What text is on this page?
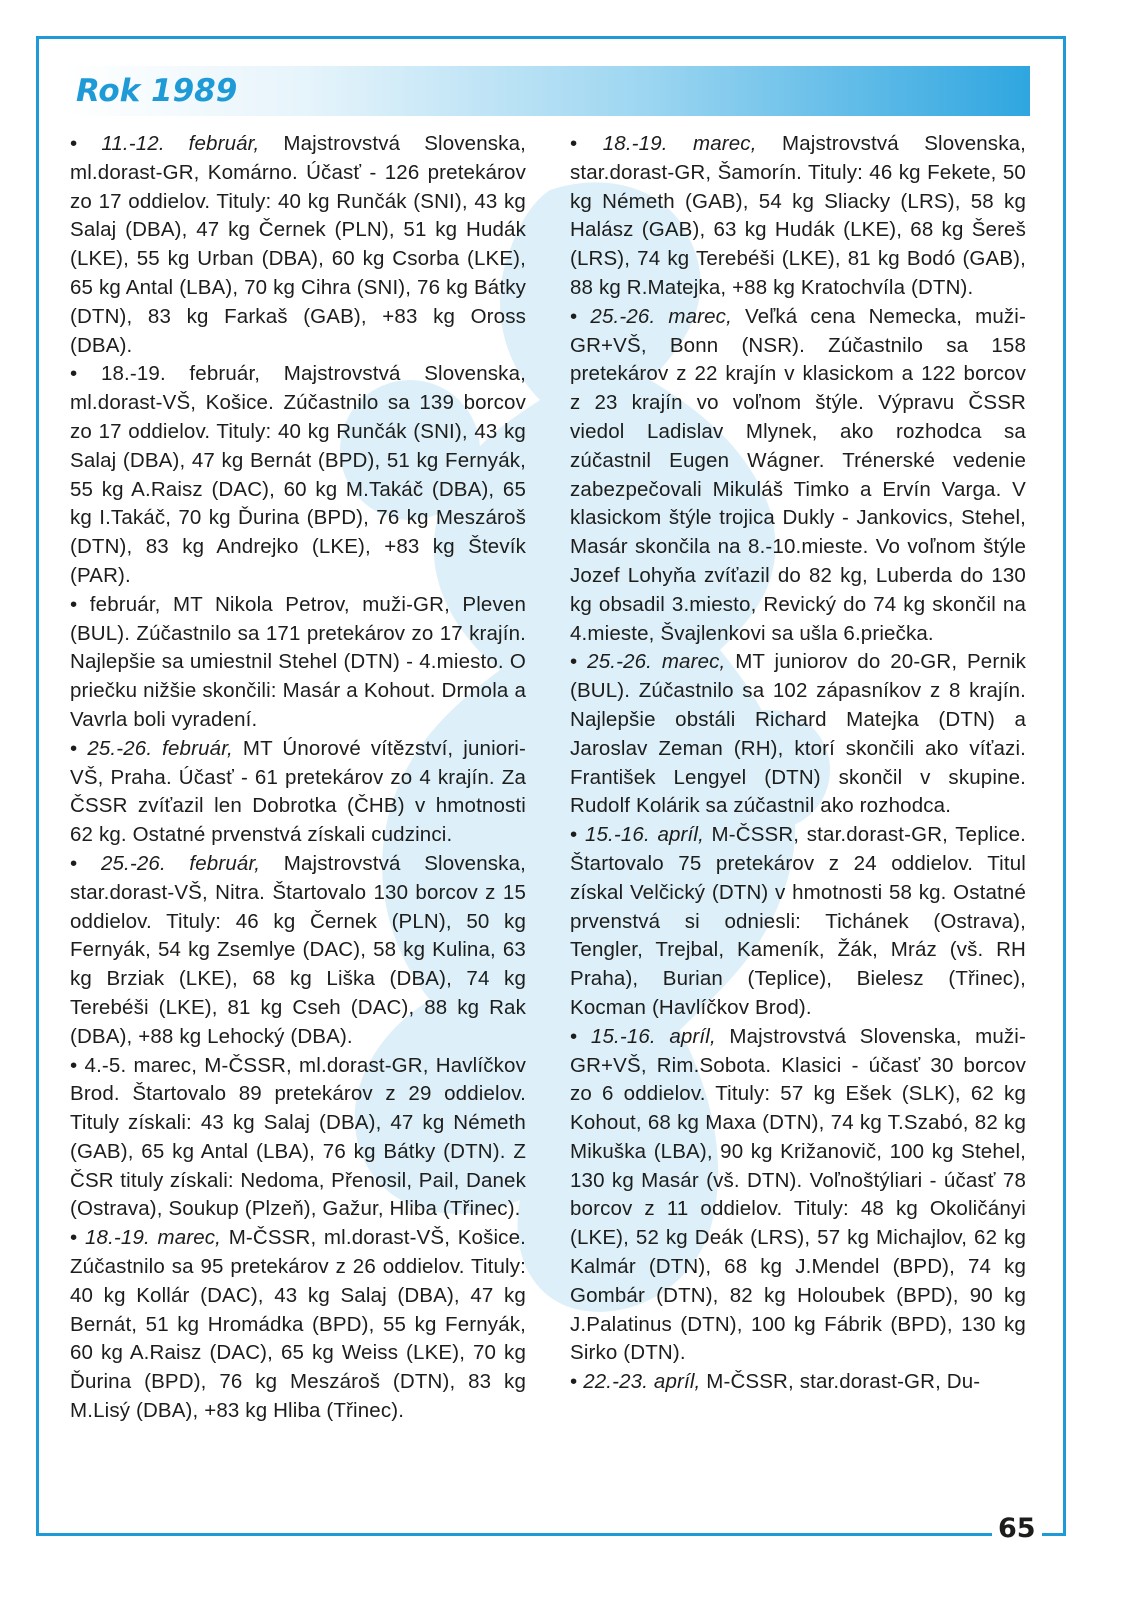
Rok 1989

• 11.-12. február, Majstrovstvá Slovenska, ml.dorast-GR, Komárno. Účasť - 126 pretekárov zo 17 oddielov. Tituly: 40 kg Runčák (SNI), 43 kg Salaj (DBA), 47 kg Černek (PLN), 51 kg Hudák (LKE), 55 kg Urban (DBA), 60 kg Csorba (LKE), 65 kg Antal (LBA), 70 kg Cihra (SNI), 76 kg Bátky (DTN), 83 kg Farkaš (GAB), +83 kg Oross (DBA).

• 18.-19. február, Majstrovstvá Slovenska, ml.dorast-VŠ, Košice. Zúčastnilo sa 139 borcov zo 17 oddielov. Tituly: 40 kg Runčák (SNI), 43 kg Salaj (DBA), 47 kg Bernát (BPD), 51 kg Fernyák, 55 kg A.Raisz (DAC), 60 kg M.Takáč (DBA), 65 kg I.Takáč, 70 kg Ďurina (BPD), 76 kg Meszároš (DTN), 83 kg Andrejko (LKE), +83 kg Števík (PAR).

• február, MT Nikola Petrov, muži-GR, Pleven (BUL). Zúčastnilo sa 171 pretekárov zo 17 krajín. Najlepšie sa umiestnil Stehel (DTN) - 4.miesto. O priečku nižšie skončili: Masár a Kohout. Drmola a Vavrla boli vyradení.

• 25.-26. február, MT Únorové vítězství, juniori-VŠ, Praha. Účasť - 61 pretekárov zo 4 krajín. Za ČSSR zvíťazil len Dobrotka (ČHB) v hmotnosti 62 kg. Ostatné prvenstvá získali cudzinci.

• 25.-26. február, Majstrovstvá Slovenska, star.dorast-VŠ, Nitra. Štartovalo 130 borcov z 15 oddielov. Tituly: 46 kg Černek (PLN), 50 kg Fernyák, 54 kg Zsemlye (DAC), 58 kg Kulina, 63 kg Brziak (LKE), 68 kg Liška (DBA), 74 kg Terebéši (LKE), 81 kg Cseh (DAC), 88 kg Rak (DBA), +88 kg Lehocký (DBA).

• 4.-5. marec, M-ČSSR, ml.dorast-GR, Havlíčkov Brod. Štartovalo 89 pretekárov z 29 oddielov. Tituly získali: 43 kg Salaj (DBA), 47 kg Németh (GAB), 65 kg Antal (LBA), 76 kg Bátky (DTN). Z ČSR tituly získali: Nedoma, Přenosil, Pail, Danek (Ostrava), Soukup (Plzeň), Gažur, Hliba (Třinec).

• 18.-19. marec, M-ČSSR, ml.dorast-VŠ, Košice. Zúčastnilo sa 95 pretekárov z 26 oddielov. Tituly: 40 kg Kollár (DAC), 43 kg Salaj (DBA), 47 kg Bernát, 51 kg Hromádka (BPD), 55 kg Fernyák, 60 kg A.Raisz (DAC), 65 kg Weiss (LKE), 70 kg Ďurina (BPD), 76 kg Meszároš (DTN), 83 kg M.Lisý (DBA), +83 kg Hliba (Třinec).

• 18.-19. marec, Majstrovstvá Slovenska, star.dorast-GR, Šamorín. Tituly: 46 kg Fekete, 50 kg Németh (GAB), 54 kg Sliacky (LRS), 58 kg Halász (GAB), 63 kg Hudák (LKE), 68 kg Šereš (LRS), 74 kg Terebéši (LKE), 81 kg Bodó (GAB), 88 kg R.Matejka, +88 kg Kratochvíla (DTN).

• 25.-26. marec, Veľká cena Nemecka, muži-GR+VŠ, Bonn (NSR). Zúčastnilo sa 158 pretekárov z 22 krajín v klasickom a 122 borcov z 23 krajín vo voľnom štýle. Výpravu ČSSR viedol Ladislav Mlynek, ako rozhodca sa zúčastnil Eugen Wágner. Trénerské vedenie zabezpečovali Mikuláš Timko a Ervín Varga. V klasickom štýle trojica Dukly - Jankovics, Stehel, Masár skončila na 8.-10.mieste. Vo voľnom štýle Jozef Lohyňa zvíťazil do 82 kg, Luberda do 130 kg obsadil 3.miesto, Revický do 74 kg skončil na 4.mieste, Švajlenkovi sa ušla 6.priečka.

• 25.-26. marec, MT juniorov do 20-GR, Pernik (BUL). Zúčastnilo sa 102 zápasníkov z 8 krajín. Najlepšie obstáli Richard Matejka (DTN) a Jaroslav Zeman (RH), ktorí skončili ako víťazi. František Lengyel (DTN) skončil v skupine. Rudolf Kolárik sa zúčastnil ako rozhodca.

• 15.-16. apríl, M-ČSSR, star.dorast-GR, Teplice. Štartovalo 75 pretekárov z 24 oddielov. Titul získal Velčický (DTN) v hmotnosti 58 kg. Ostatné prvenstvá si odniesli: Tichánek (Ostrava), Tengler, Trejbal, Kameník, Žák, Mráz (vš. RH Praha), Burian (Teplice), Bielesz (Třinec), Kocman (Havlíčkov Brod).

• 15.-16. apríl, Majstrovstvá Slovenska, muži-GR+VŠ, Rim.Sobota. Klasici - účasť 30 borcov zo 6 oddielov. Tituly: 57 kg Ešek (SLK), 62 kg Kohout, 68 kg Maxa (DTN), 74 kg T.Szabó, 82 kg Mikuška (LBA), 90 kg Križanovič, 100 kg Stehel, 130 kg Masár (vš. DTN). Voľnoštýliari - účasť 78 borcov z 11 oddielov. Tituly: 48 kg Okoličányi (LKE), 52 kg Deák (LRS), 57 kg Michajlov, 62 kg Kalmár (DTN), 68 kg J.Mendel (BPD), 74 kg Gombár (DTN), 82 kg Holoubek (BPD), 90 kg J.Palatinus (DTN), 100 kg Fábrik (BPD), 130 kg Sirko (DTN).

• 22.-23. apríl, M-ČSSR, star.dorast-GR, Du-

65
